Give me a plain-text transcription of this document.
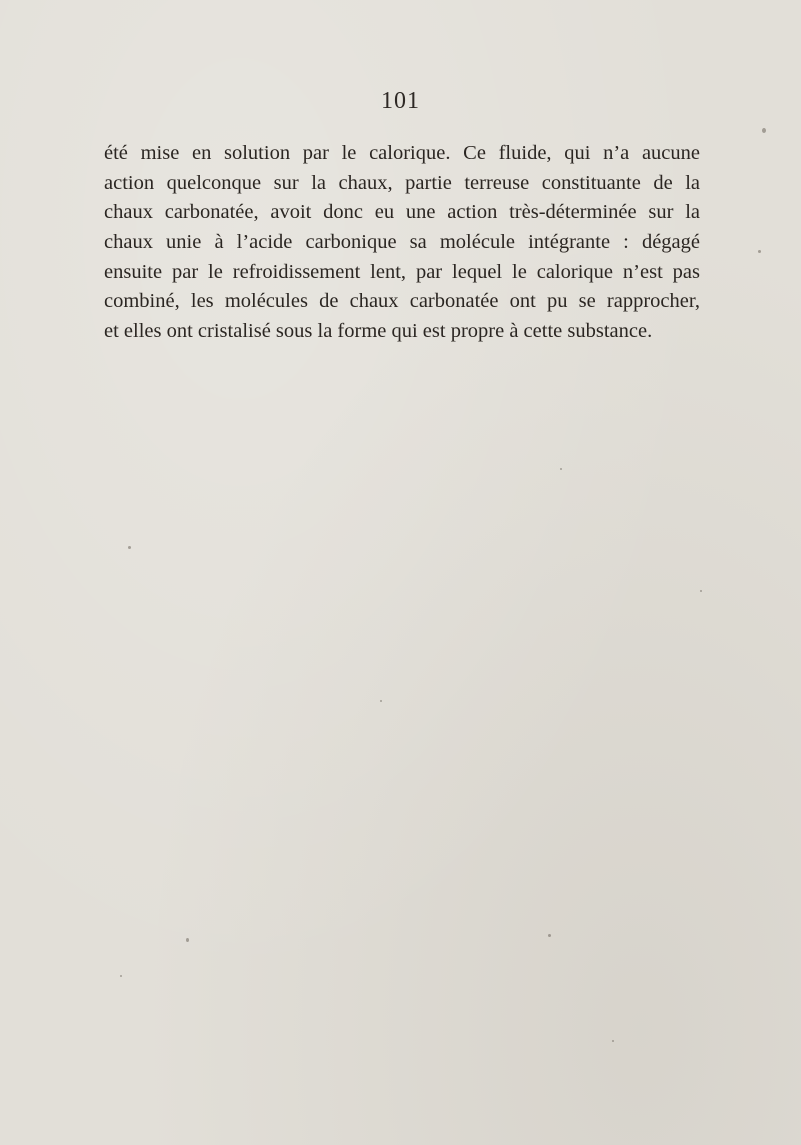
101
été mise en solution par le calorique. Ce fluide, qui n’a aucune
action quelconque sur la chaux, partie terreuse constituante de la
chaux carbonatée, avoit donc eu une action très-déterminée sur la
chaux unie à l’acide carbonique sa molécule intégrante : dégagé
ensuite par le refroidissement lent, par lequel le calorique n’est pas
combiné, les molécules de chaux carbonatée ont pu se rapprocher,
et elles ont cristalisé sous la forme qui est propre à cette substance.
